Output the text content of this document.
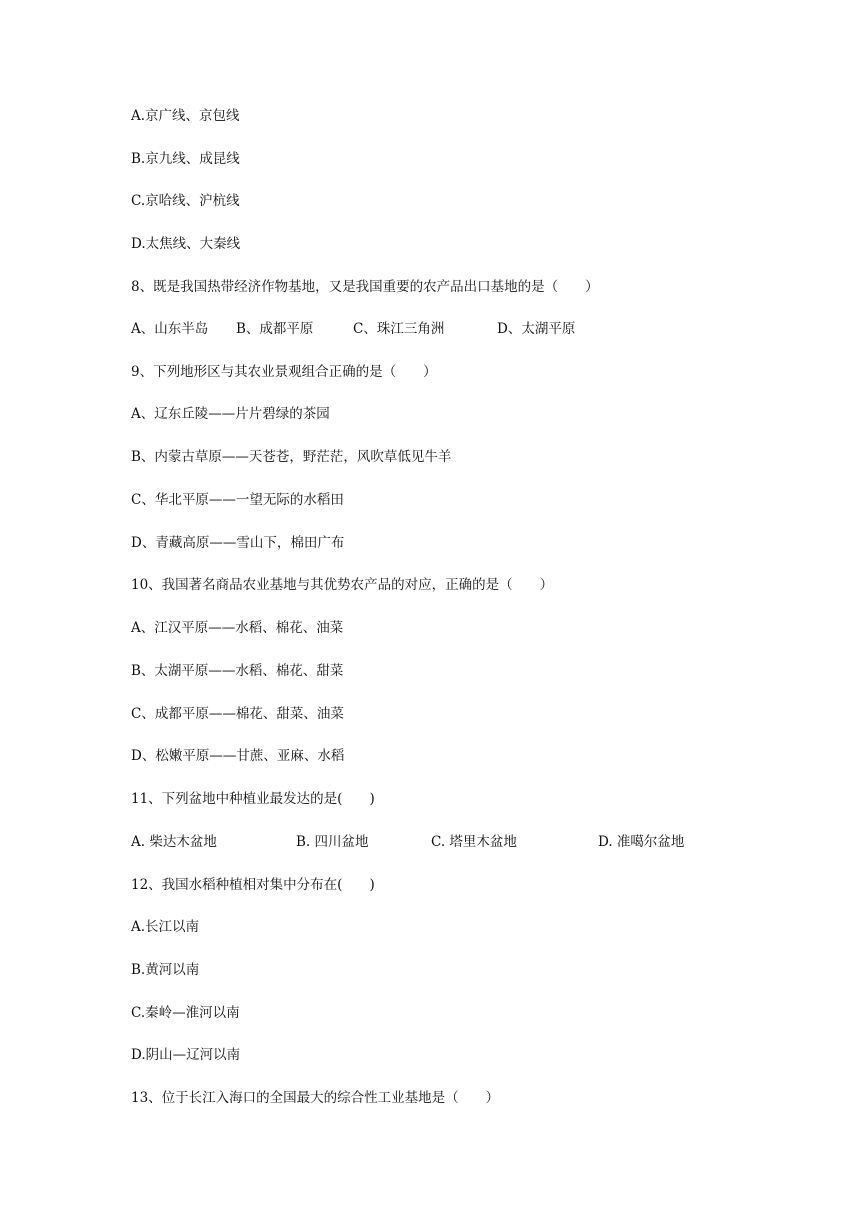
A.京广线、京包线
B.京九线、成昆线
C.京哈线、沪杭线
D.太焦线、大秦线
8、既是我国热带经济作物基地，又是我国重要的农产品出口基地的是（　　）
A、山东半岛 B、成都平原	C、珠江三角洲	D、太湖平原
9、下列地形区与其农业景观组合正确的是（　　）
A、辽东丘陵——片片碧绿的茶园
B、内蒙古草原——天苍苍，野茫茫，风吹草低见牛羊
C、华北平原——一望无际的水稻田
D、青藏高原——雪山下，棉田广布
10、我国著名商品农业基地与其优势农产品的对应，正确的是（　　）
A、江汉平原——水稻、棉花、油菜
B、太湖平原——水稻、棉花、甜菜
C、成都平原——棉花、甜菜、油菜
D、松嫩平原——甘蔗、亚麻、水稻
11、下列盆地中种植业最发达的是(　　)
A. 柴达木盆地	B. 四川盆地	C. 塔里木盆地	D. 准噶尔盆地
12、我国水稻种植相对集中分布在(　　)
A.长江以南
B.黄河以南
C.秦岭—淮河以南
D.阴山—辽河以南
13、位于长江入海口的全国最大的综合性工业基地是（　　）
